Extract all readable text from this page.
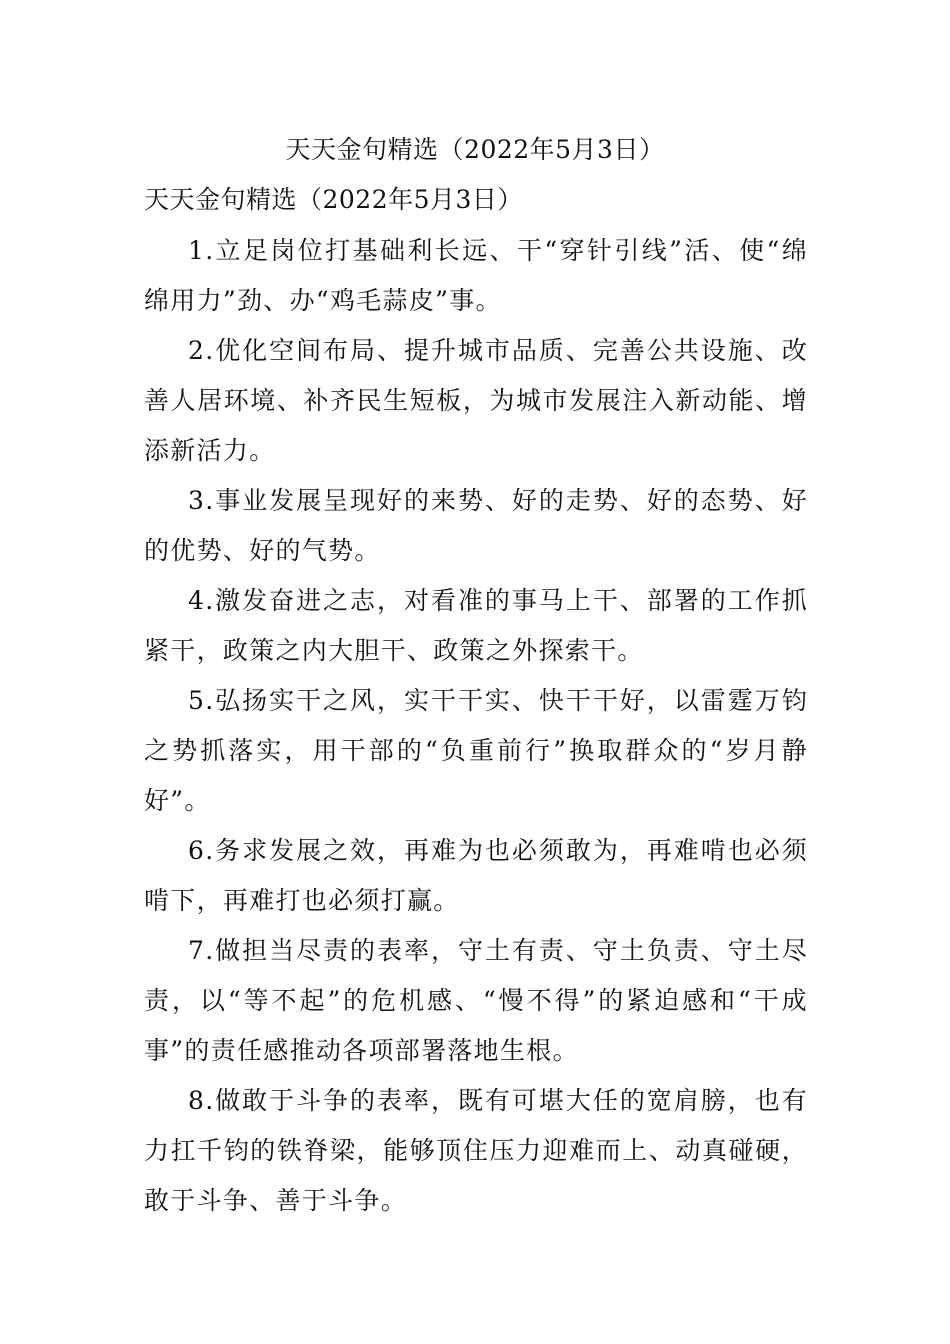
天天金句精选（2022年5月3日）
天天金句精选（2022年5月3日）

1.立足岗位打基础利长远、干“穿针引线”活、使“绵绵用力”劲、办“鸡毛蒜皮”事。

2.优化空间布局、提升城市品质、完善公共设施、改善人居环境、补齐民生短板，为城市发展注入新动能、增添新活力。

3.事业发展呈现好的来势、好的走势、好的态势、好的优势、好的气势。

4.激发奋进之志，对看准的事马上干、部署的工作抓紧干，政策之内大胆干、政策之外探索干。

5.弘扬实干之风，实干干实、快干干好，以雷霆万钧之势抓落实，用干部的“负重前行”换取群众的“岁月静好”。

6.务求发展之效，再难为也必须敢为，再难啃也必须啃下，再难打也必须打赢。

7.做担当尽责的表率，守土有责、守土负责、守土尽责，以“等不起”的危机感、“慢不得”的紧迫感和“干成事”的责任感推动各项部署落地生根。

8.做敢于斗争的表率，既有可堪大任的宽肩膀，也有力扛千钧的铁脊梁，能够顶住压力迎难而上、动真碰硬，敢于斗争、善于斗争。
